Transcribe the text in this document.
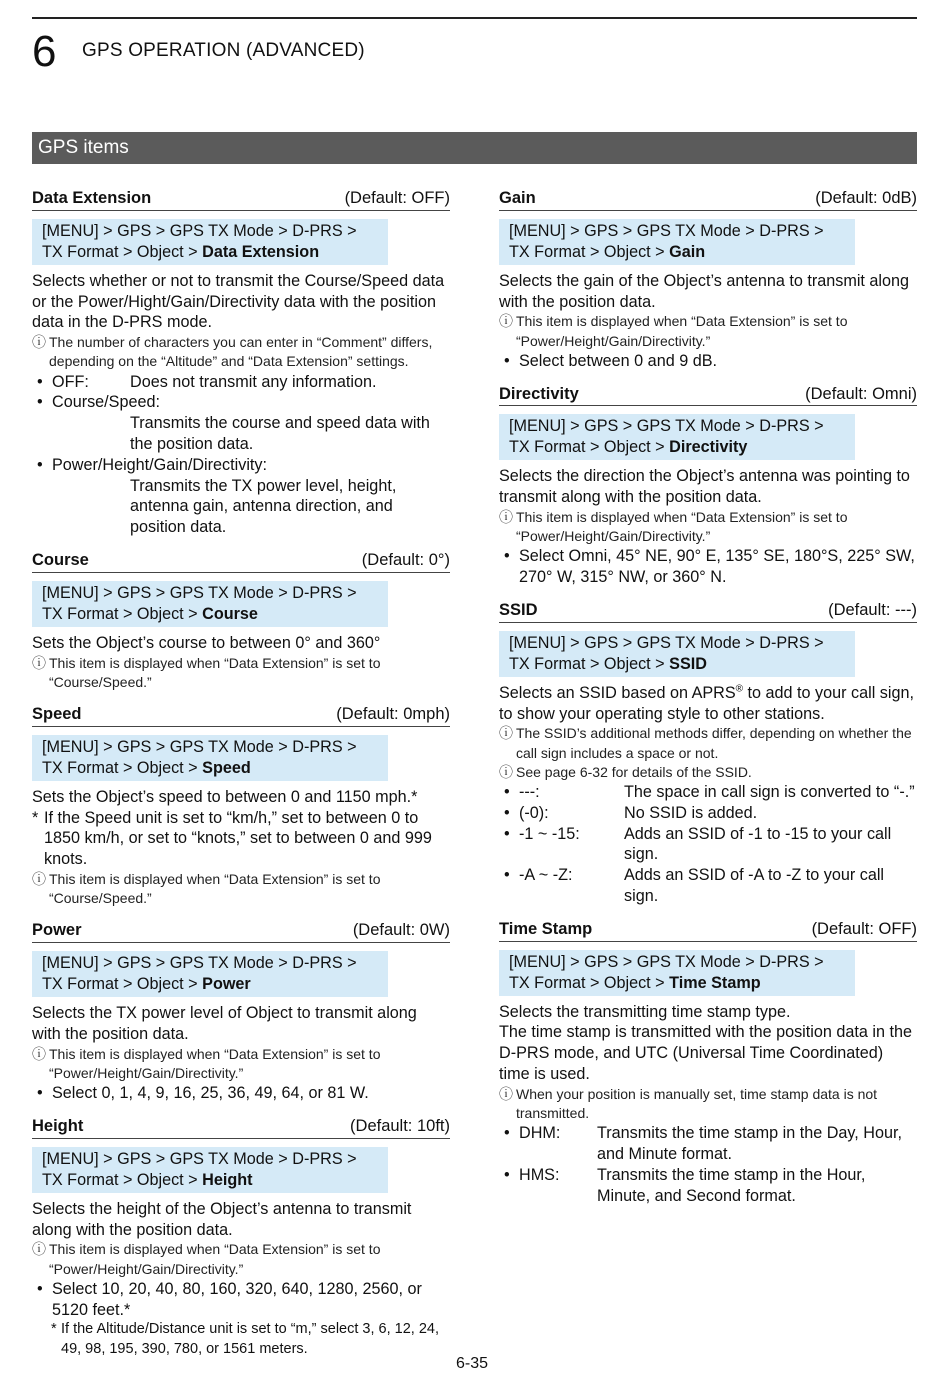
6 GPS OPERATION (ADVANCED)
GPS items
Data Extension	(Default: OFF)
[MENU] > GPS > GPS TX Mode > D-PRS >
TX Format > Object > Data Extension
Selects whether or not to transmit the Course/Speed data or the Power/Hight/Gain/Directivity data with the position data in the D-PRS mode.
ⓘ The number of characters you can enter in “Comment” differs, depending on the “Altitude” and “Data Extension” settings.
• OFF:	Does not transmit any information.
• Course/Speed:
Transmits the course and speed data with the position data.
• Power/Height/Gain/Directivity:
Transmits the TX power level, height, antenna gain, antenna direction, and position data.
Course	(Default: 0°)
[MENU] > GPS > GPS TX Mode > D-PRS >
TX Format > Object > Course
Sets the Object’s course to between 0° and 360°
ⓘ This item is displayed when “Data Extension” is set to “Course/Speed.”
Speed	(Default: 0mph)
[MENU] > GPS > GPS TX Mode > D-PRS >
TX Format > Object > Speed
Sets the Object’s speed to between 0 and 1150 mph.*
* If the Speed unit is set to “km/h,” set to between 0 to 1850 km/h, or set to “knots,” set to between 0 and 999 knots.
ⓘ This item is displayed when “Data Extension” is set to “Course/Speed.”
Power	(Default: 0W)
[MENU] > GPS > GPS TX Mode > D-PRS >
TX Format > Object > Power
Selects the TX power level of Object to transmit along with the position data.
ⓘ This item is displayed when “Data Extension” is set to “Power/Height/Gain/Directivity.”
• Select 0, 1, 4, 9, 16, 25, 36, 49, 64, or 81 W.
Height	(Default: 10ft)
[MENU] > GPS > GPS TX Mode > D-PRS >
TX Format > Object > Height
Selects the height of the Object’s antenna to transmit along with the position data.
ⓘ This item is displayed when “Data Extension” is set to “Power/Height/Gain/Directivity.”
• Select 10, 20, 40, 80, 160, 320, 640, 1280, 2560, or 5120 feet.*
* If the Altitude/Distance unit is set to “m,” select 3, 6, 12, 24, 49, 98, 195, 390, 780, or 1561 meters.
Gain	(Default: 0dB)
[MENU] > GPS > GPS TX Mode > D-PRS >
TX Format > Object > Gain
Selects the gain of the Object’s antenna to transmit along with the position data.
ⓘ This item is displayed when “Data Extension” is set to “Power/Height/Gain/Directivity.”
• Select between 0 and 9 dB.
Directivity	(Default: Omni)
[MENU] > GPS > GPS TX Mode > D-PRS >
TX Format > Object > Directivity
Selects the direction the Object’s antenna was pointing to transmit along with the position data.
ⓘ This item is displayed when “Data Extension” is set to “Power/Height/Gain/Directivity.”
• Select Omni, 45° NE, 90° E, 135° SE, 180°S, 225° SW, 270° W, 315° NW, or 360° N.
SSID	(Default: ---)
[MENU] > GPS > GPS TX Mode > D-PRS >
TX Format > Object > SSID
Selects an SSID based on APRS® to add to your call sign, to show your operating style to other stations.
ⓘ The SSID’s additional methods differ, depending on whether the call sign includes a space or not.
ⓘ See page 6-32 for details of the SSID.
• ---:	The space in call sign is converted to “-.”
• (-0):	No SSID is added.
• -1 ~ -15:	Adds an SSID of -1 to -15 to your call sign.
• -A ~ -Z:	Adds an SSID of -A to -Z to your call sign.
Time Stamp	(Default: OFF)
[MENU] > GPS > GPS TX Mode > D-PRS >
TX Format > Object > Time Stamp
Selects the transmitting time stamp type.
The time stamp is transmitted with the position data in the D-PRS mode, and UTC (Universal Time Coordinated) time is used.
ⓘ When your position is manually set, time stamp data is not transmitted.
• DHM:	Transmits the time stamp in the Day, Hour, and Minute format.
• HMS:	Transmits the time stamp in the Hour, Minute, and Second format.
6-35
